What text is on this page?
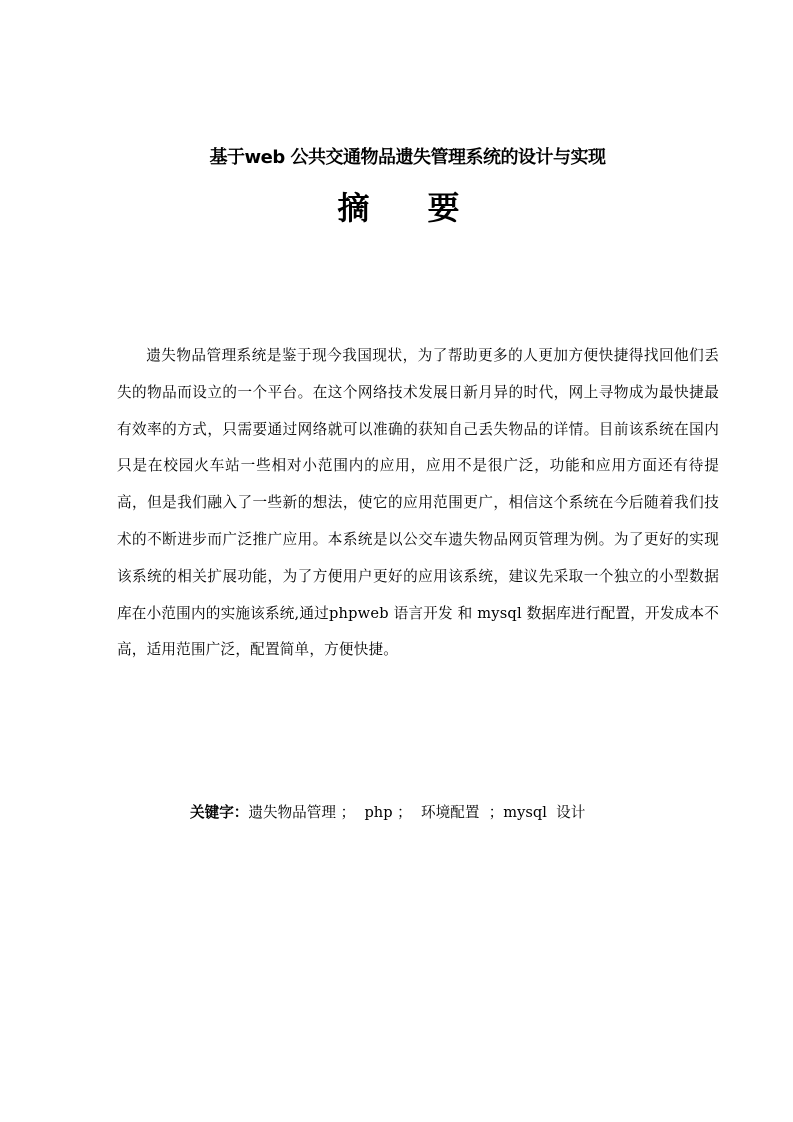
基于web 公共交通物品遗失管理系统的设计与实现
摘 要
遗失物品管理系统是鉴于现今我国现状，为了帮助更多的人更加方便快捷得找回他们丢失的物品而设立的一个平台。在这个网络技术发展日新月异的时代，网上寻物成为最快捷最有效率的方式，只需要通过网络就可以准确的获知自己丢失物品的详情。目前该系统在国内只是在校园火车站一些相对小范围内的应用，应用不是很广泛，功能和应用方面还有待提高，但是我们融入了一些新的想法，使它的应用范围更广，相信这个系统在今后随着我们技术的不断进步而广泛推广应用。本系统是以公交车遗失物品网页管理为例。为了更好的实现该系统的相关扩展功能，为了方便用户更好的应用该系统，建议先采取一个独立的小型数据库在小范围内的实施该系统,通过phpweb 语言开发 和 mysql 数据库进行配置，开发成本不高，适用范围广泛，配置简单，方便快捷。
关键字：遗失物品管理 ；  php ；  环境配置  ；mysql  设计
